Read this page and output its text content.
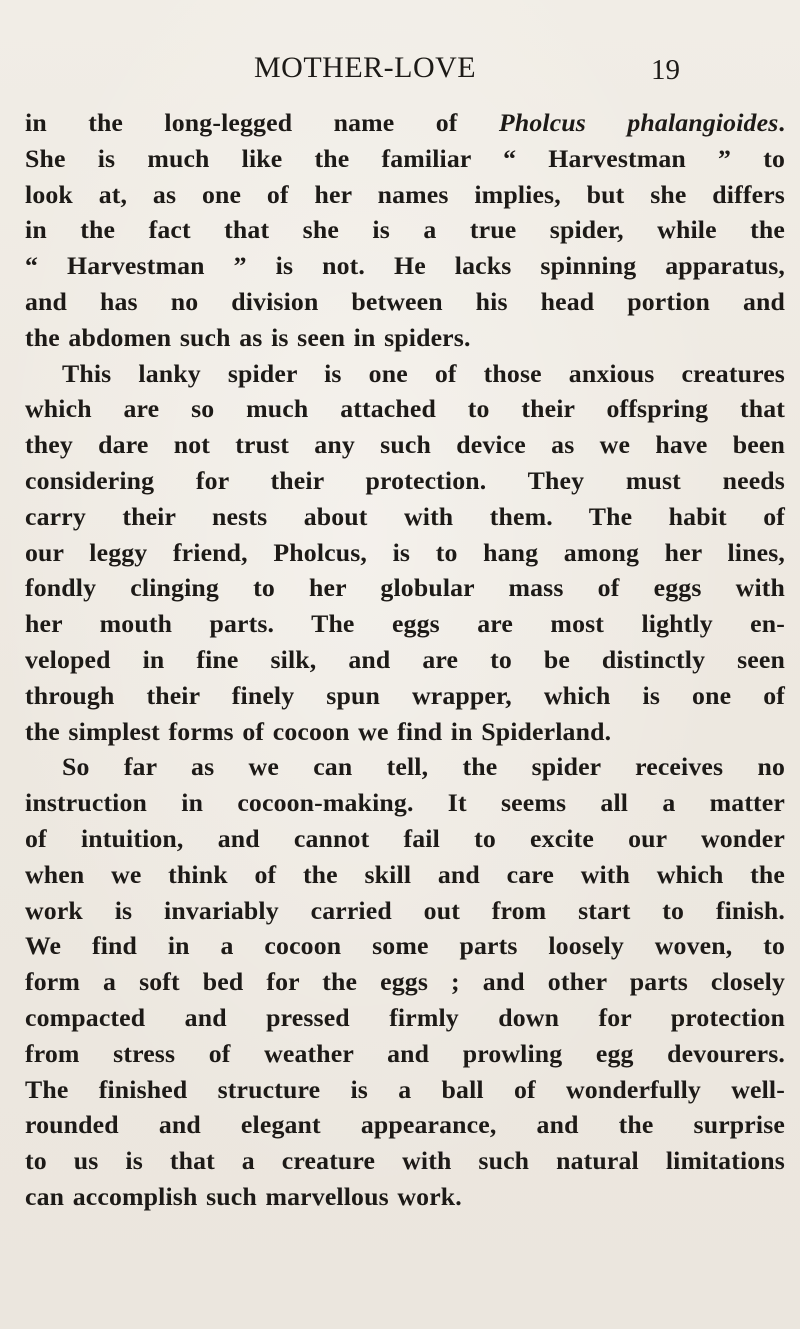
MOTHER-LOVE	19
in the long-legged name of Pholcus phalangioides.
She is much like the familiar “ Harvestman ” to
look at, as one of her names implies, but she differs
in the fact that she is a true spider, while the
“ Harvestman ” is not. He lacks spinning apparatus,
and has no division between his head portion and
the abdomen such as is seen in spiders.
This lanky spider is one of those anxious creatures
which are so much attached to their offspring that
they dare not trust any such device as we have been
considering for their protection. They must needs
carry their nests about with them. The habit of
our leggy friend, Pholcus, is to hang among her lines,
fondly clinging to her globular mass of eggs with
her mouth parts. The eggs are most lightly en-
veloped in fine silk, and are to be distinctly seen
through their finely spun wrapper, which is one of
the simplest forms of cocoon we find in Spiderland.
So far as we can tell, the spider receives no
instruction in cocoon-making. It seems all a matter
of intuition, and cannot fail to excite our wonder
when we think of the skill and care with which the
work is invariably carried out from start to finish.
We find in a cocoon some parts loosely woven, to
form a soft bed for the eggs ; and other parts closely
compacted and pressed firmly down for protection
from stress of weather and prowling egg devourers.
The finished structure is a ball of wonderfully well-
rounded and elegant appearance, and the surprise
to us is that a creature with such natural limitations
can accomplish such marvellous work.
